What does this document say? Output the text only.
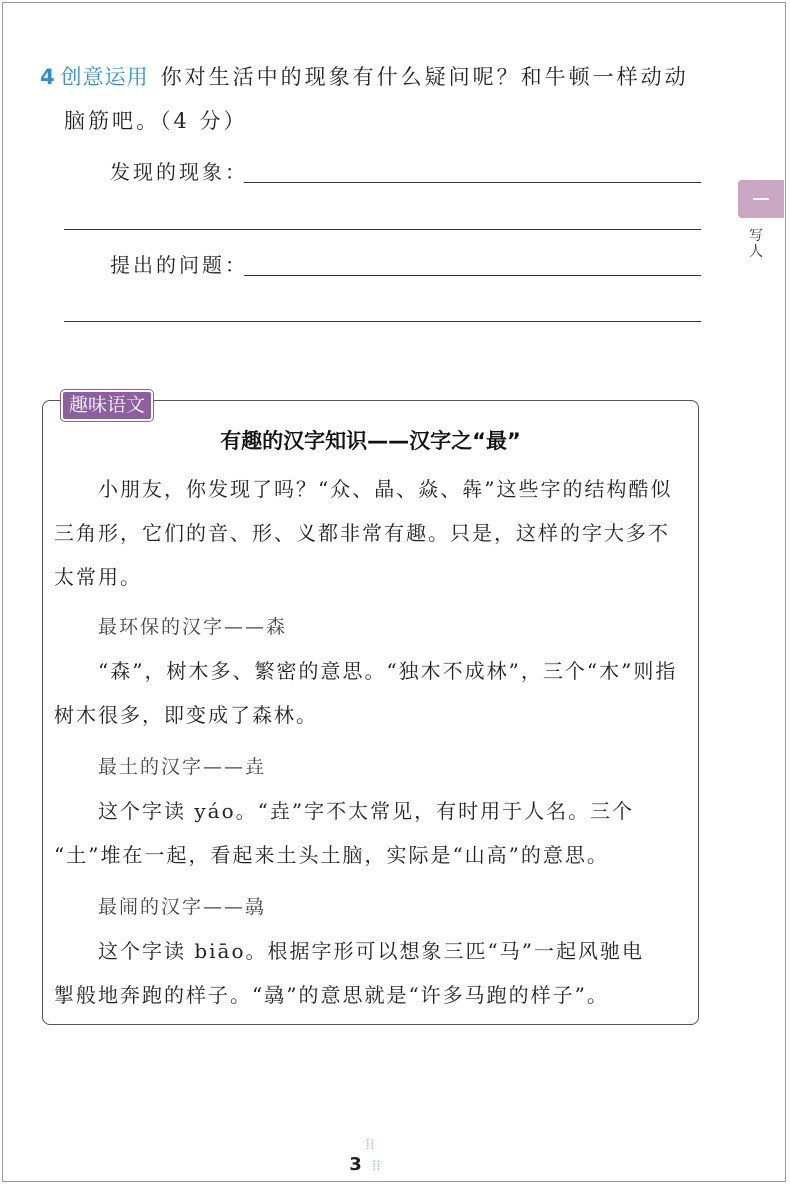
4 创意运用 你对生活中的现象有什么疑问呢？和牛顿一样动动
脑筋吧。（4 分）
发现的现象：
提出的问题：
写人
趣味语文
有趣的汉字知识——汉字之“最”
小朋友，你发现了吗？“众、晶、焱、犇”这些字的结构酷似
三角形，它们的音、形、义都非常有趣。只是，这样的字大多不
太常用。
最环保的汉字——森
“森”，树木多、繁密的意思。“独木不成林”，三个“木”则指
树木很多，即变成了森林。
最土的汉字——垚
这个字读 yáo。“垚”字不太常见，有时用于人名。三个
“土”堆在一起，看起来土头土脑，实际是“山高”的意思。
最闹的汉字——骉
这个字读 biāo。根据字形可以想象三匹“马”一起风驰电
掣般地奔跑的样子。“骉”的意思就是“许多马跑的样子”。
⁞⁞3 ⁞⁞
